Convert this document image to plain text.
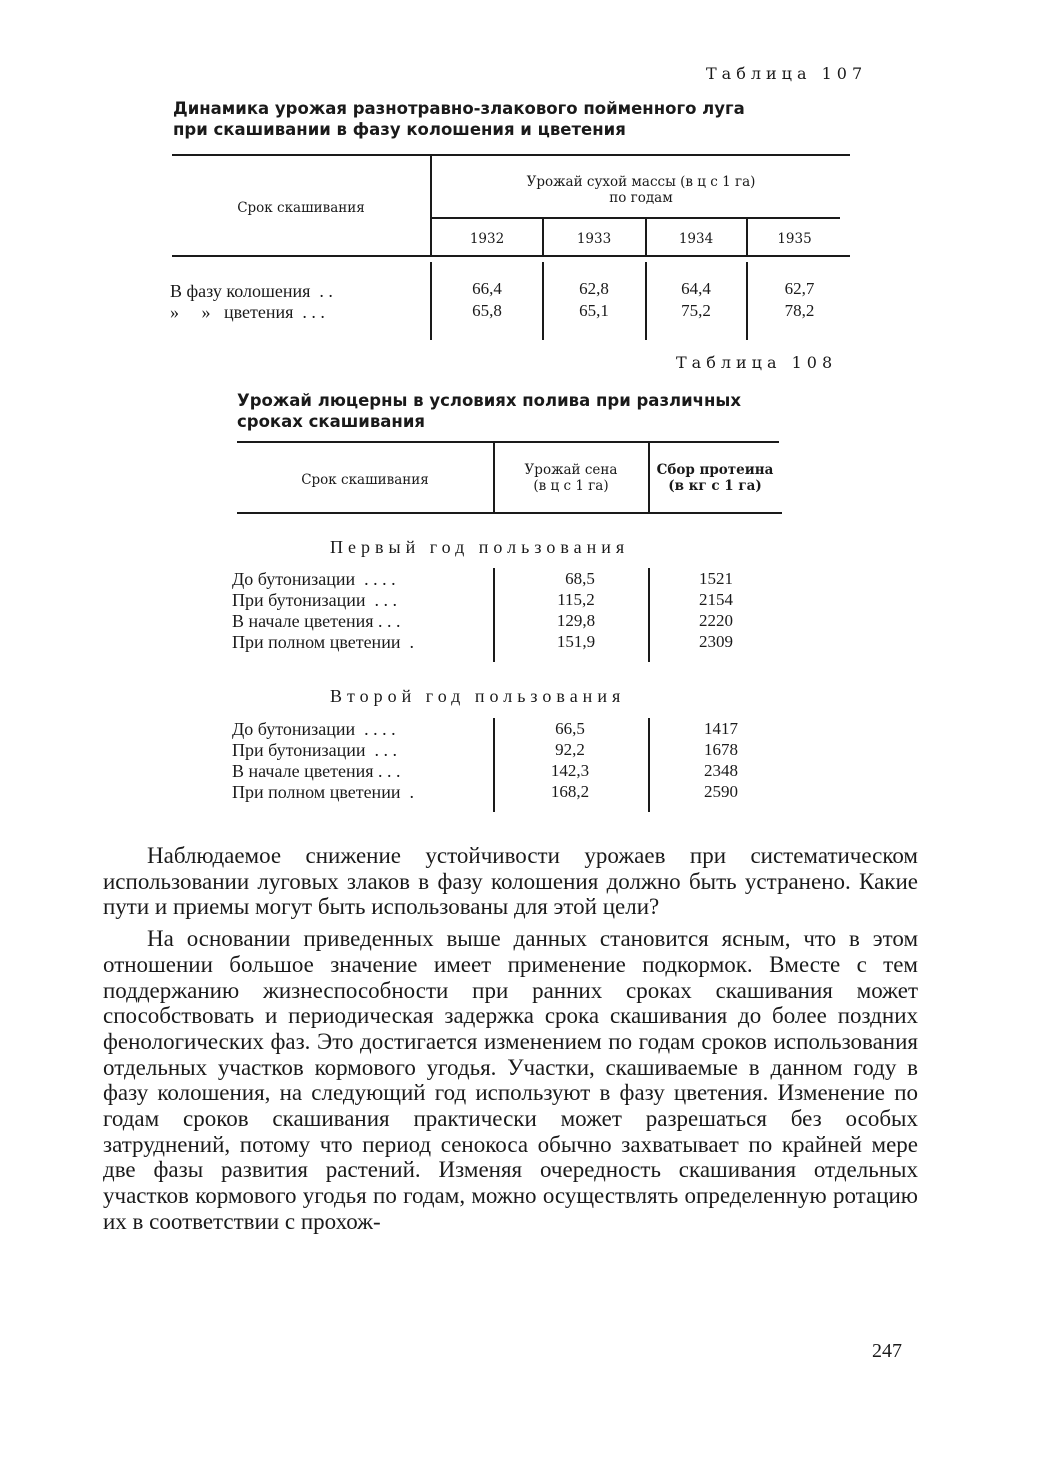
Таблица 107
Динамика урожая разнотравно-злакового пойменного луга
при скашивании в фазу колошения и цветения
Срок скашивания
Урожай сухой массы (в ц с 1 га)
по годам
1932	1933	1934	1935
В фазу колошения  . .	66,4	62,8	64,4	62,7
»     »   цветения  . . .	65,8	65,1	75,2	78,2
Таблица 108
Урожай люцерны в условиях полива при различных
сроках скашивания
Срок скашивания
Урожай сена
(в ц с 1 га)
Сбор протеина
(в кг с 1 га)
Первый год пользования
До бутонизации  . . . .	68,5	1521
При бутонизации  . . .	115,2	2154
В начале цветения . . .	129,8	2220
При полном цветении  .	151,9	2309
Второй год пользования
До бутонизации  . . . .	66,5	1417
При бутонизации  . . .	92,2	1678
В начале цветения . . .	142,3	2348
При полном цветении  .	168,2	2590

Наблюдаемое снижение устойчивости урожаев при систематическом использовании луговых злаков в фазу колошения должно быть устранено. Какие пути и приемы могут быть использованы для этой цели?

На основании приведенных выше данных становится ясным, что в этом отношении большое значение имеет применение подкормок. Вместе с тем поддержанию жизнеспособности при ранних сроках скашивания может способствовать и периодическая задержка срока скашивания до более поздних фенологических фаз. Это достигается изменением по годам сроков использования отдельных участков кормового угодья. Участки, скашиваемые в данном году в фазу колошения, на следующий год используют в фазу цветения. Изменение по годам сроков скашивания практически может разрешаться без особых затруднений, потому что период сенокоса обычно захватывает по крайней мере две фазы развития растений. Изменяя очередность скашивания отдельных участков кормового угодья по годам, можно осуществлять определенную ротацию их в соответствии с прохож-

247
